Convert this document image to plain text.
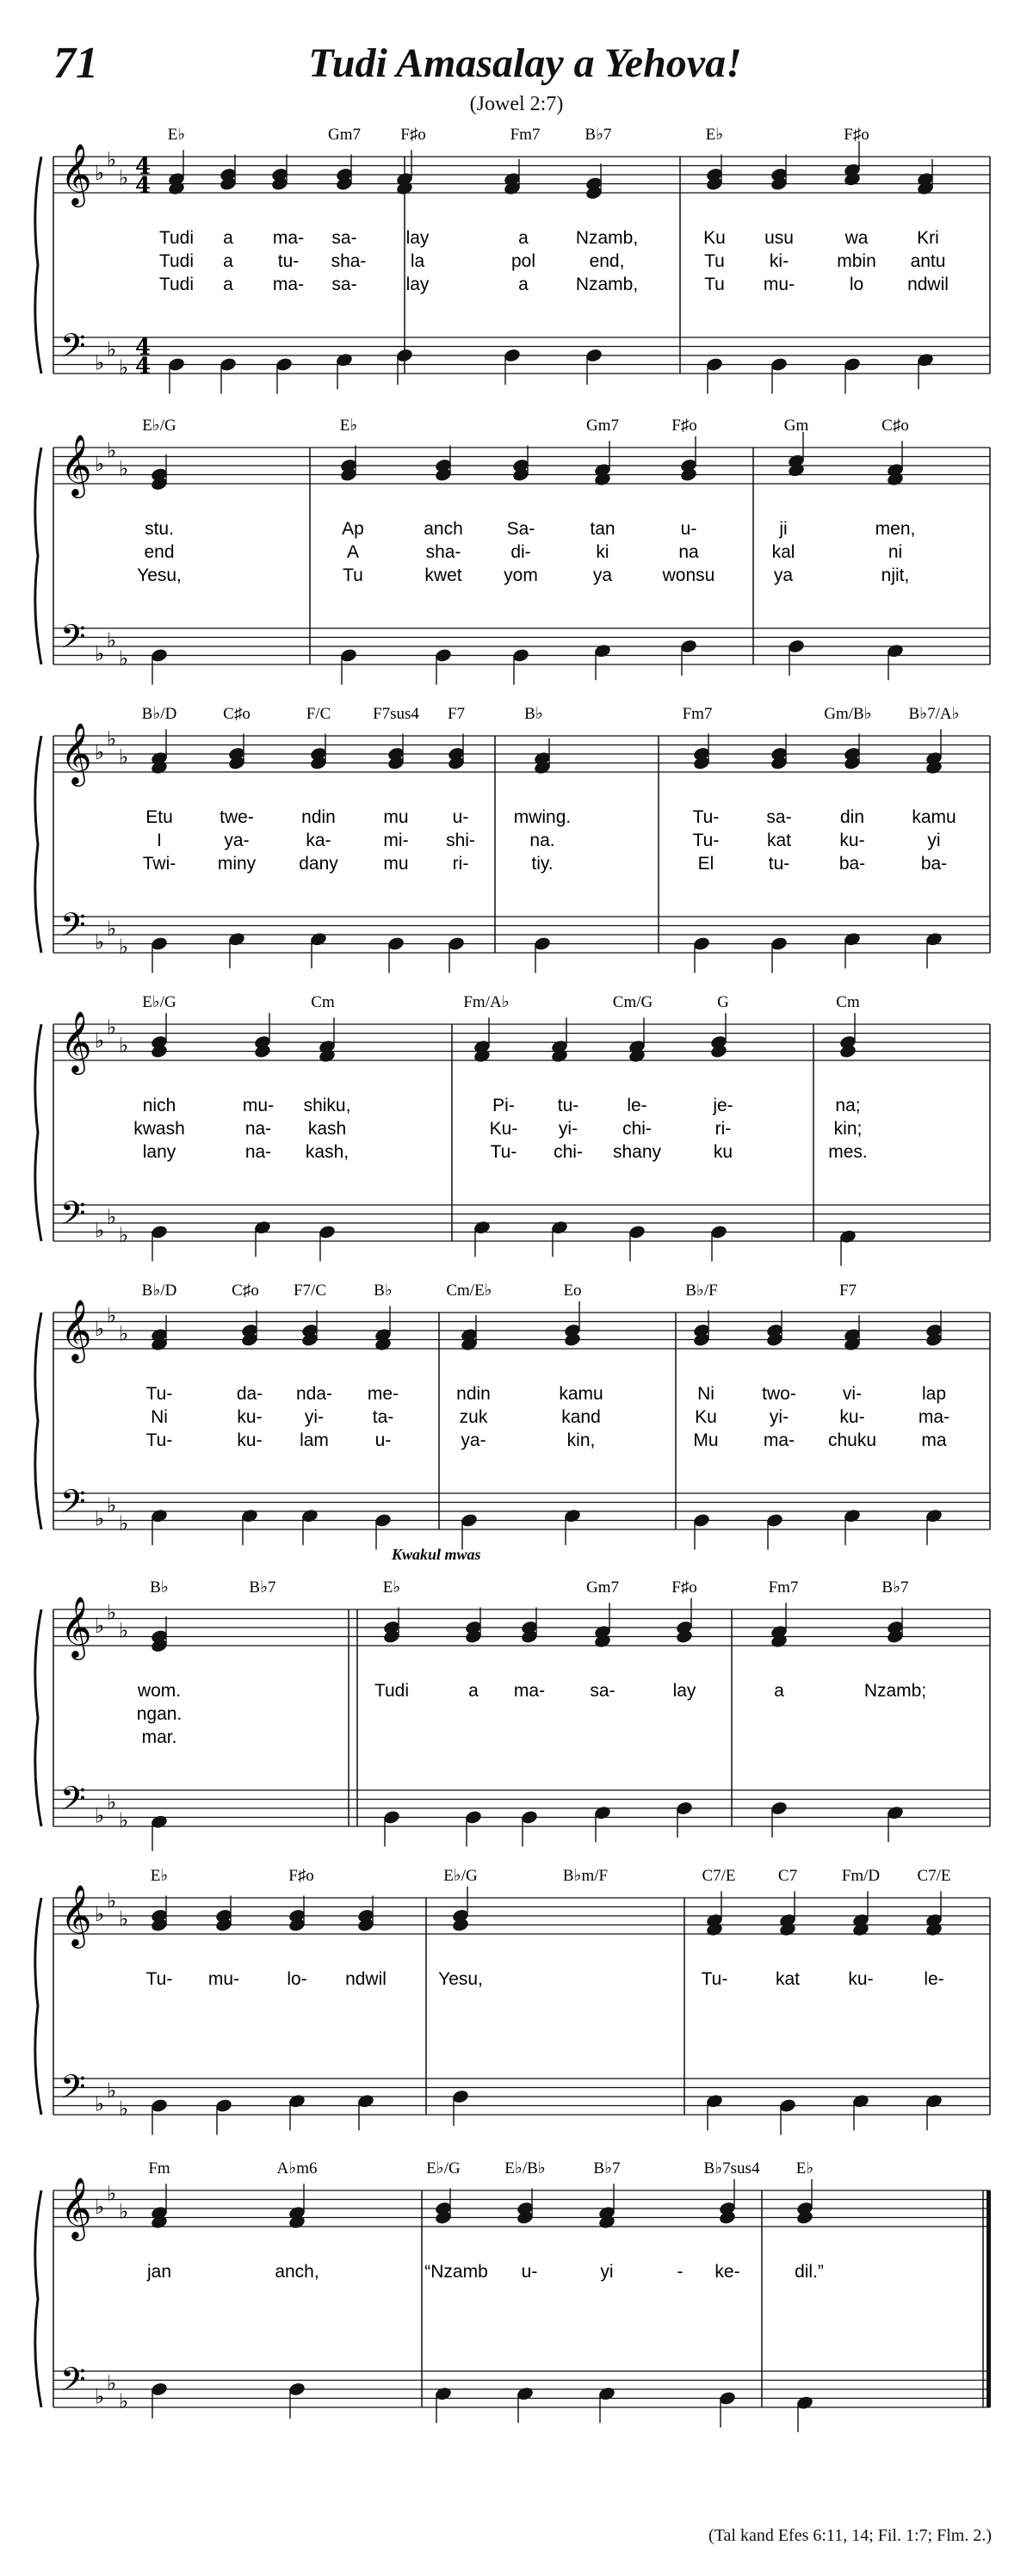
71	Tudi Amasalay a Yehova!
(Jowel 2:7)
𝄞 ♭
♭
♭
𝄢 ♭
♭
♭
4
4
4
4
E♭	Gm7 F♯o	Fm7	B♭7	E♭	F♯o
Tudi a ma- sa-	lay	a	Nzamb,	Ku usu	wa	Kri
Tudi a tu- sha- la	pol	end,	Tu ki-	mbin antu
Tudi a ma- sa-	lay	a	Nzamb,	Tu mu-	lo ndwil
𝄞 ♭
♭
♭
𝄢 ♭
♭
♭
E♭/G	E♭	Gm7	F♯o	Gm	C♯o
stu.	Ap	anch Sa-	tan	u-	ji	men,
end	A	sha-	di-	ki	na	kal	ni
Yesu,	Tu	kwet yom	ya	wonsu	ya	njit,
𝄞 ♭
♭
♭
𝄢 ♭
♭
♭
B♭/D	C♯o	F/C	F7sus4 F7	B♭	Fm7	Gm/B♭ B♭7/A♭
Etu	twe-	ndin	mu u- mwing.	Tu-	sa-	din	kamu
I	ya-	ka-	mi- shi-	na.	Tu-	kat	ku-	yi
Twi- miny dany	mu ri-	tiy.	El	tu-	ba-	ba-
𝄞 ♭
♭
♭
𝄢 ♭
♭
♭
E♭/G	Cm	Fm/A♭	Cm/G	G	Cm
nich	mu- shiku,	Pi- tu-	le-	je-	na;
kwash	na- kash	Ku- yi- chi-	ri-	kin;
lany	na- kash,	Tu- chi- shany	ku	mes.
𝄞 ♭
♭
♭
𝄢 ♭
♭
♭
B♭/D	C♯o F7/C	B♭	Cm/E♭	Eo	B♭/F	F7
Tu-	da- nda- me-	ndin	kamu	Ni	two-	vi-	lap
Ni	ku- yi-	ta-	zuk	kand	Ku	yi-	ku-	ma-
Tu-	ku- lam	u-	ya-	kin,	Mu ma- chuku ma
𝄞 ♭
♭
♭
𝄢 ♭
♭
♭
Kwakul mwas
B♭	B♭7	E♭	Gm7	F♯o	Fm7	B♭7
wom.	Tudi	a ma- sa-	lay	a	Nzamb;
ngan.
mar.
𝄞 ♭
♭
♭
𝄢 ♭
♭
♭
E♭	F♯o	E♭/G	B♭m/F	C7/E	C7	Fm/D C7/E
Tu- mu-	lo- ndwil	Yesu,	Tu-	kat	ku-	le-
𝄞 ♭
♭
♭
𝄢 ♭
♭
♭
Fm	A♭m6	E♭/G	E♭/B♭	B♭7	B♭7sus4 E♭
jan	anch,	“Nzamb u-	yi	- ke-	dil.”
(Tal kand Efes 6:11, 14; Fil. 1:7; Flm. 2.)
